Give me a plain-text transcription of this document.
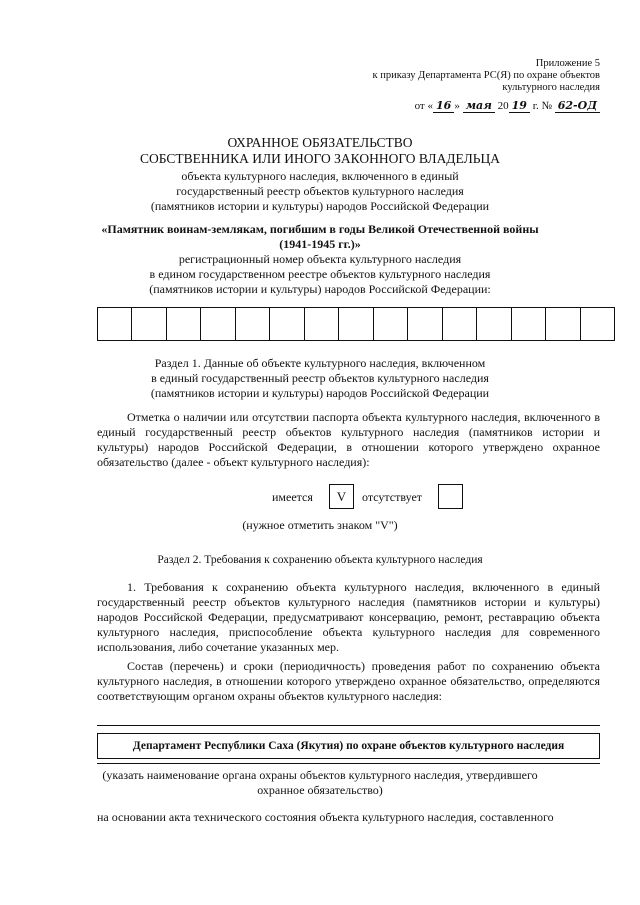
Приложение 5
к приказу Департамента РС(Я) по охране объектов
культурного наследия
от « 16 » мая 20 19 г. № 62-ОД
ОХРАННОЕ ОБЯЗАТЕЛЬСТВО
СОБСТВЕННИКА ИЛИ ИНОГО ЗАКОННОГО ВЛАДЕЛЬЦА
объекта культурного наследия, включенного в единый
государственный реестр объектов культурного наследия
(памятников истории и культуры) народов Российской Федерации
«Памятник воинам-землякам, погибшим в годы Великой Отечественной войны
(1941-1945 гг.)»
регистрационный номер объекта культурного наследия
в едином государственном реестре объектов культурного наследия
(памятников истории и культуры) народов Российской Федерации:
Раздел 1. Данные об объекте культурного наследия, включенном
в единый государственный реестр объектов культурного наследия
(памятников истории и культуры) народов Российской Федерации
Отметка о наличии или отсутствии паспорта объекта культурного наследия, включенного в единый государственный реестр объектов культурного наследия (памятников истории и культуры) народов Российской Федерации, в отношении которого утверждено охранное обязательство (далее - объект культурного наследия):
имеется	V	отсутствует
(нужное отметить знаком "V")
Раздел 2. Требования к сохранению объекта культурного наследия
1. Требования к сохранению объекта культурного наследия, включенного в единый государственный реестр объектов культурного наследия (памятников истории и культуры) народов Российской Федерации, предусматривают консервацию, ремонт, реставрацию объекта культурного наследия, приспособление объекта культурного наследия для современного использования, либо сочетание указанных мер.
Состав (перечень) и сроки (периодичность) проведения работ по сохранению объекта культурного наследия, в отношении которого утверждено охранное обязательство, определяются соответствующим органом охраны объектов культурного наследия:
Департамент Республики Саха (Якутия) по охране объектов культурного наследия
(указать наименование органа охраны объектов культурного наследия, утвердившего
охранное обязательство)
на основании акта технического состояния объекта культурного наследия, составленного
